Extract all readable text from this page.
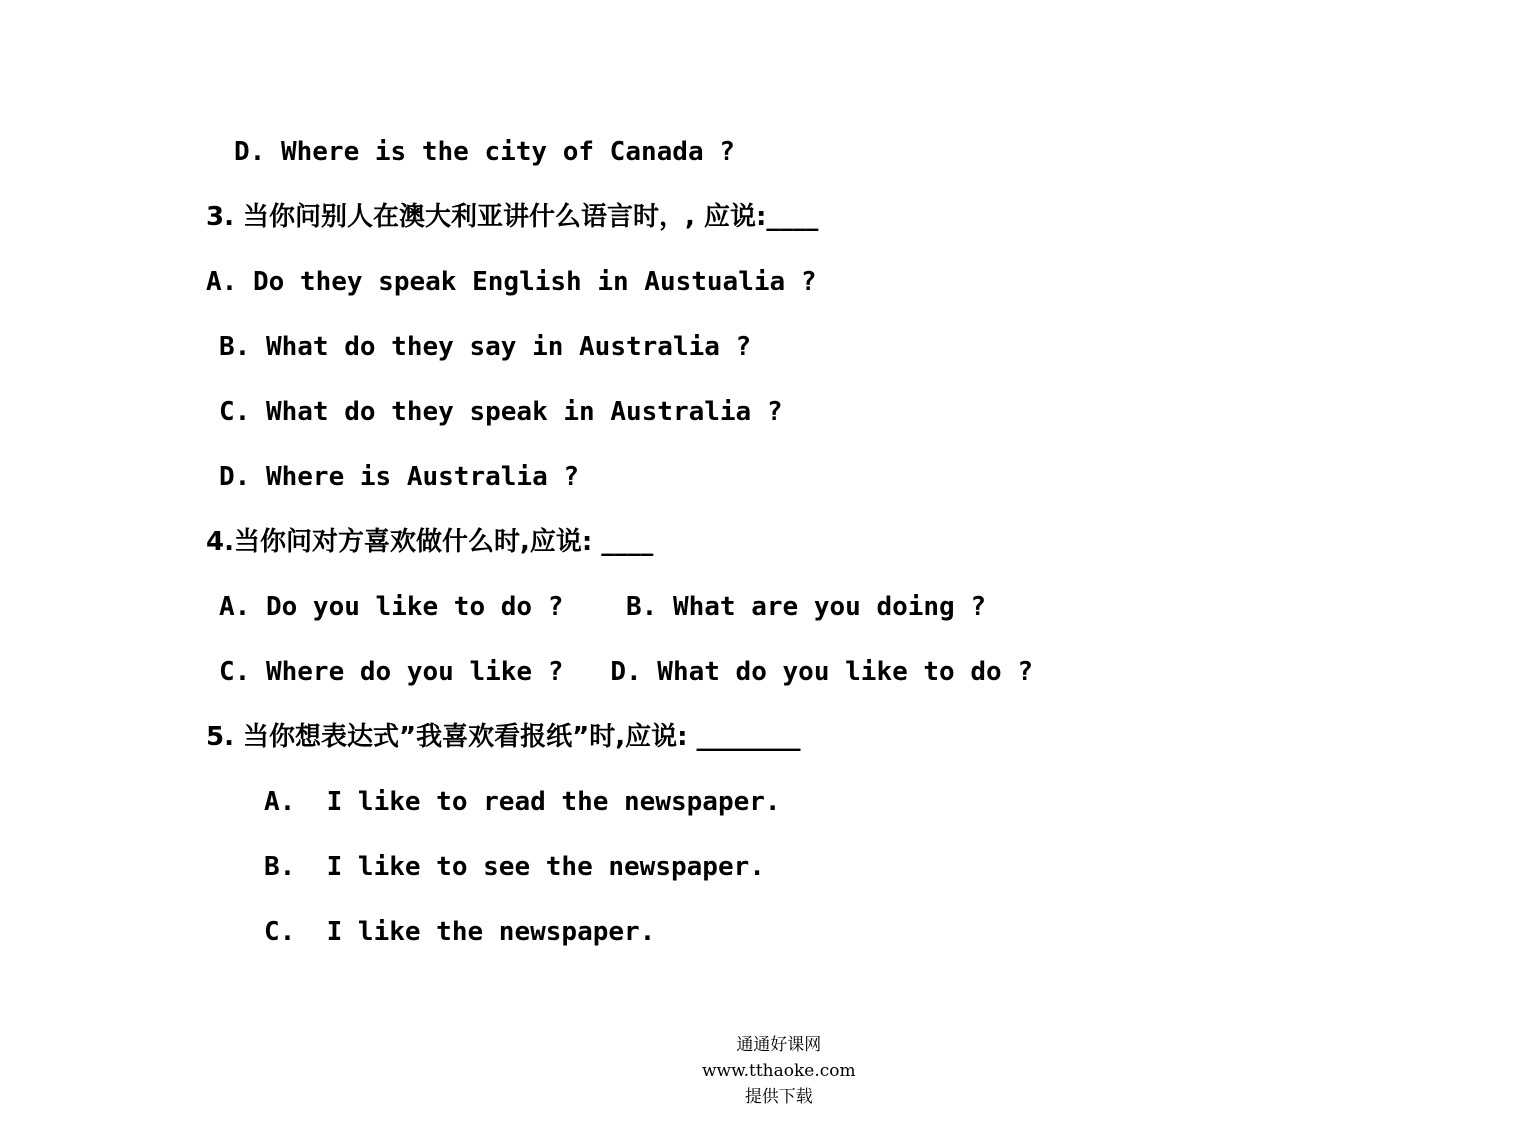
D. Where is the city of Canada ?
3. 当你问别人在澳大利亚讲什么语言时，, 应说:____
A. Do they speak English in Austualia ?
B. What do they say in Australia ?
C. What do they speak in Australia ?
D. Where is Australia ?
4.当你问对方喜欢做什么时,应说: ____
A. Do you like to do ?    B. What are you doing ?
C. Where do you like ?   D. What do you like to do ?
5. 当你想表达式”我喜欢看报纸”时,应说: ________
A.  I like to read the newspaper.
B.  I like to see the newspaper.
C.  I like the newspaper.

通通好课网
www.tthaoke.com
提供下载
